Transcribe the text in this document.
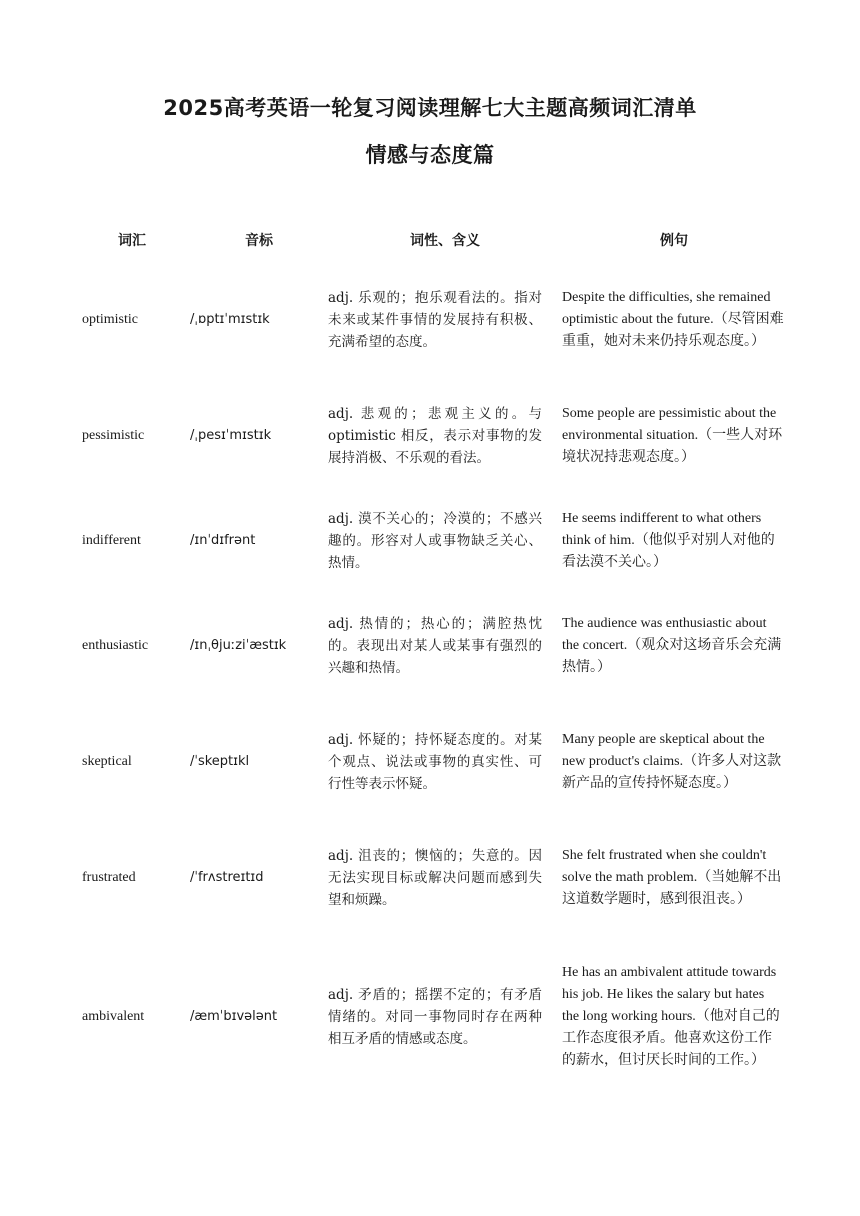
2025高考英语一轮复习阅读理解七大主题高频词汇清单
情感与态度篇
词汇	音标	词性、含义	例句
optimistic	/ˌɒptɪˈmɪstɪk	adj. 乐观的；抱乐观看法的。指对未来或某件事情的发展持有积极、充满希望的态度。	Despite the difficulties, she remained optimistic about the future.（尽管困难重重，她对未来仍持乐观态度。）
pessimistic	/ˌpesɪˈmɪstɪk	adj. 悲观的；悲观主义的。与 optimistic 相反，表示对事物的发展持消极、不乐观的看法。	Some people are pessimistic about the environmental situation.（一些人对环境状况持悲观态度。）
indifferent	/ɪnˈdɪfrənt	adj. 漠不关心的；冷漠的；不感兴趣的。形容对人或事物缺乏关心、热情。	He seems indifferent to what others think of him.（他似乎对别人对他的看法漠不关心。）
enthusiastic	/ɪnˌθjuːziˈæstɪk	adj. 热情的；热心的；满腔热忱的。表现出对某人或某事有强烈的兴趣和热情。	The audience was enthusiastic about the concert.（观众对这场音乐会充满热情。）
skeptical	/ˈskeptɪkl	adj. 怀疑的；持怀疑态度的。对某个观点、说法或事物的真实性、可行性等表示怀疑。	Many people are skeptical about the new product's claims.（许多人对这款新产品的宣传持怀疑态度。）
frustrated	/ˈfrʌstreɪtɪd	adj. 沮丧的；懊恼的；失意的。因无法实现目标或解决问题而感到失望和烦躁。	She felt frustrated when she couldn't solve the math problem.（当她解不出这道数学题时，感到很沮丧。）
ambivalent	/æmˈbɪvələnt	adj. 矛盾的；摇摆不定的；有矛盾情绪的。对同一事物同时存在两种相互矛盾的情感或态度。	He has an ambivalent attitude towards his job. He likes the salary but hates the long working hours.（他对自己的工作态度很矛盾。他喜欢这份工作的薪水，但讨厌长时间的工作。）
